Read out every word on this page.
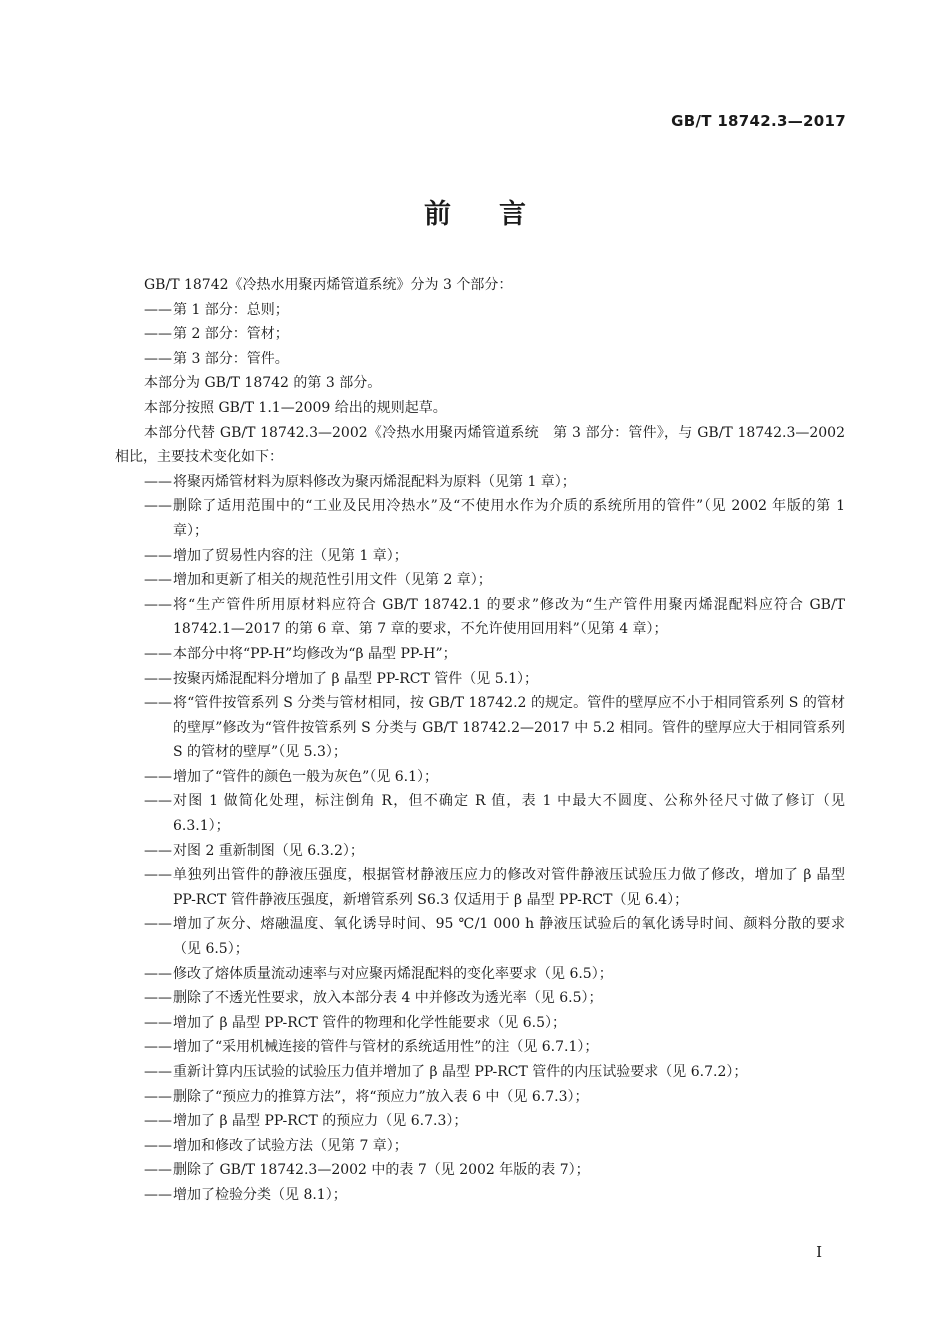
GB/T 18742.3—2017
前言
GB/T 18742《冷热水用聚丙烯管道系统》分为 3 个部分：
—— 第 1 部分：总则；
—— 第 2 部分：管材；
—— 第 3 部分：管件。
本部分为 GB/T 18742 的第 3 部分。
本部分按照 GB/T 1.1—2009 给出的规则起草。
本部分代替 GB/T 18742.3—2002《冷热水用聚丙烯管道系统　第 3 部分：管件》，与 GB/T 18742.3—2002 相比，主要技术变化如下：
—— 将聚丙烯管材料为原料修改为聚丙烯混配料为原料（见第 1 章）；
—— 删除了适用范围中的“工业及民用冷热水”及“不使用水作为介质的系统所用的管件”（见 2002 年版的第 1 章）；
—— 增加了贸易性内容的注（见第 1 章）；
—— 增加和更新了相关的规范性引用文件（见第 2 章）；
—— 将“生产管件所用原材料应符合 GB/T 18742.1 的要求”修改为“生产管件用聚丙烯混配料应符合 GB/T 18742.1—2017 的第 6 章、第 7 章的要求，不允许使用回用料”（见第 4 章）；
—— 本部分中将“PP-H”均修改为“β 晶型 PP-H”；
—— 按聚丙烯混配料分增加了 β 晶型 PP-RCT 管件（见 5.1）；
—— 将“管件按管系列 S 分类与管材相同，按 GB/T 18742.2 的规定。管件的壁厚应不小于相同管系列 S 的管材的壁厚”修改为“管件按管系列 S 分类与 GB/T 18742.2—2017 中 5.2 相同。管件的壁厚应大于相同管系列 S 的管材的壁厚”（见 5.3）；
—— 增加了“管件的颜色一般为灰色”（见 6.1）；
—— 对图 1 做简化处理，标注倒角 R，但不确定 R 值，表 1 中最大不圆度、公称外径尺寸做了修订（见 6.3.1）；
—— 对图 2 重新制图（见 6.3.2）；
—— 单独列出管件的静液压强度，根据管材静液压应力的修改对管件静液压试验压力做了修改，增加了 β 晶型 PP-RCT 管件静液压强度，新增管系列 S6.3 仅适用于 β 晶型 PP-RCT（见 6.4）；
—— 增加了灰分、熔融温度、氧化诱导时间、95 ℃/1 000 h 静液压试验后的氧化诱导时间、颜料分散的要求（见 6.5）；
—— 修改了熔体质量流动速率与对应聚丙烯混配料的变化率要求（见 6.5）；
—— 删除了不透光性要求，放入本部分表 4 中并修改为透光率（见 6.5）；
—— 增加了 β 晶型 PP-RCT 管件的物理和化学性能要求（见 6.5）；
—— 增加了“采用机械连接的管件与管材的系统适用性”的注（见 6.7.1）；
—— 重新计算内压试验的试验压力值并增加了 β 晶型 PP-RCT 管件的内压试验要求（见 6.7.2）；
—— 删除了“预应力的推算方法”，将“预应力”放入表 6 中（见 6.7.3）；
—— 增加了 β 晶型 PP-RCT 的预应力（见 6.7.3）；
—— 增加和修改了试验方法（见第 7 章）；
—— 删除了 GB/T 18742.3—2002 中的表 7（见 2002 年版的表 7）；
—— 增加了检验分类（见 8.1）；
I
